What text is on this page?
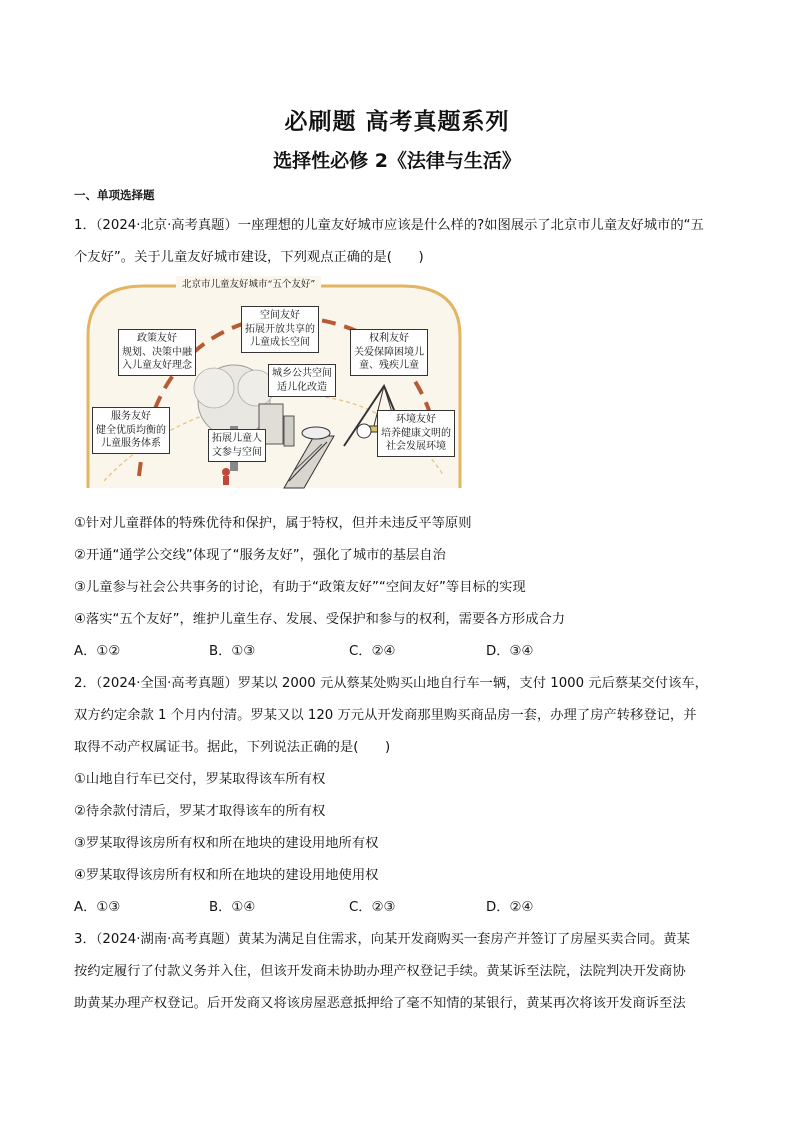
必刷题 高考真题系列
选择性必修 2《法律与生活》
一、单项选择题
1．（2024·北京·高考真题）一座理想的儿童友好城市应该是什么样的?如图展示了北京市儿童友好城市的“五
个友好”。关于儿童友好城市建设，下列观点正确的是(　　)
北京市儿童友好城市“五个友好”
政策友好
规划、决策中融
入儿童友好理念
空间友好
拓展开放共享的
儿童成长空间	权利友好
关爱保障困境儿
童、残疾儿童
城乡公共空间
适儿化改造
服务友好
健全优质均衡的
儿童服务体系	拓展儿童人
文参与空间
环境友好
培养健康文明的
社会发展环境
①针对儿童群体的特殊优待和保护，属于特权，但并未违反平等原则
②开通“通学公交线”体现了“服务友好”，强化了城市的基层自治
③儿童参与社会公共事务的讨论，有助于“政策友好”“空间友好”等目标的实现
④落实“五个友好”，维护儿童生存、发展、受保护和参与的权利，需要各方形成合力
A．①②	B．①③	C．②④	D．③④
2．（2024·全国·高考真题）罗某以 2000 元从蔡某处购买山地自行车一辆，支付 1000 元后蔡某交付该车，
双方约定余款 1 个月内付清。罗某又以 120 万元从开发商那里购买商品房一套，办理了房产转移登记，并
取得不动产权属证书。据此，下列说法正确的是(　　)
①山地自行车已交付，罗某取得该车所有权
②待余款付清后，罗某才取得该车的所有权
③罗某取得该房所有权和所在地块的建设用地所有权
④罗某取得该房所有权和所在地块的建设用地使用权
A．①③	B．①④	C．②③	D．②④
3．（2024·湖南·高考真题）黄某为满足自住需求，向某开发商购买一套房产并签订了房屋买卖合同。黄某
按约定履行了付款义务并入住，但该开发商未协助办理产权登记手续。黄某诉至法院，法院判决开发商协
助黄某办理产权登记。后开发商又将该房屋恶意抵押给了毫不知情的某银行，黄某再次将该开发商诉至法
